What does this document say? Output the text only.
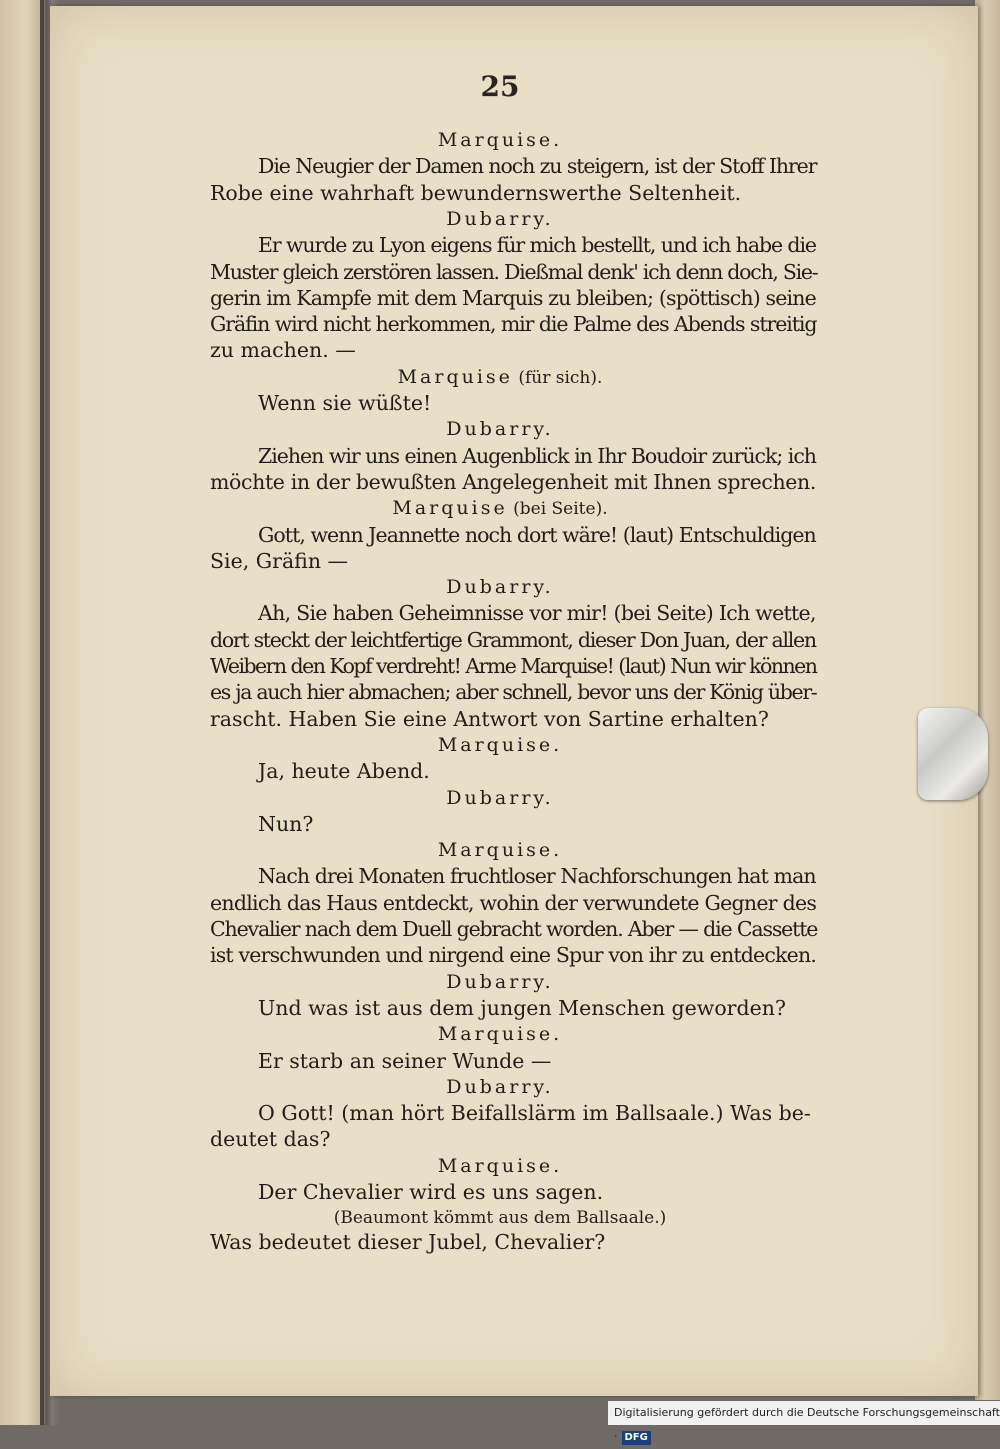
25
Marquise.
Die Neugier der Damen noch zu steigern, ist der Stoff Ihrer
Robe eine wahrhaft bewundernswerthe Seltenheit.
Dubarry.
Er wurde zu Lyon eigens für mich bestellt, und ich habe die
Muster gleich zerstören lassen. Dießmal denk' ich denn doch, Sie-
gerin im Kampfe mit dem Marquis zu bleiben; (spöttisch) seine
Gräfin wird nicht herkommen, mir die Palme des Abends streitig
zu machen. —
Marquise (für sich).
Wenn sie wüßte!
Dubarry.
Ziehen wir uns einen Augenblick in Ihr Boudoir zurück; ich
möchte in der bewußten Angelegenheit mit Ihnen sprechen.
Marquise (bei Seite).
Gott, wenn Jeannette noch dort wäre! (laut) Entschuldigen
Sie, Gräfin —
Dubarry.
Ah, Sie haben Geheimnisse vor mir! (bei Seite) Ich wette,
dort steckt der leichtfertige Grammont, dieser Don Juan, der allen
Weibern den Kopf verdreht! Arme Marquise! (laut) Nun wir können
es ja auch hier abmachen; aber schnell, bevor uns der König über-
rascht. Haben Sie eine Antwort von Sartine erhalten?
Marquise.
Ja, heute Abend.
Dubarry.
Nun?
Marquise.
Nach drei Monaten fruchtloser Nachforschungen hat man
endlich das Haus entdeckt, wohin der verwundete Gegner des
Chevalier nach dem Duell gebracht worden. Aber — die Cassette
ist verschwunden und nirgend eine Spur von ihr zu entdecken.
Dubarry.
Und was ist aus dem jungen Menschen geworden?
Marquise.
Er starb an seiner Wunde —
Dubarry.
O Gott! (man hört Beifallslärm im Ballsaale.) Was be-
deutet das?
Marquise.
Der Chevalier wird es uns sagen.
(Beaumont kömmt aus dem Ballsaale.)
Was bedeutet dieser Jubel, Chevalier?
Digitalisierung gefördert durch die Deutsche Forschungsgemeinschaft · DFG
